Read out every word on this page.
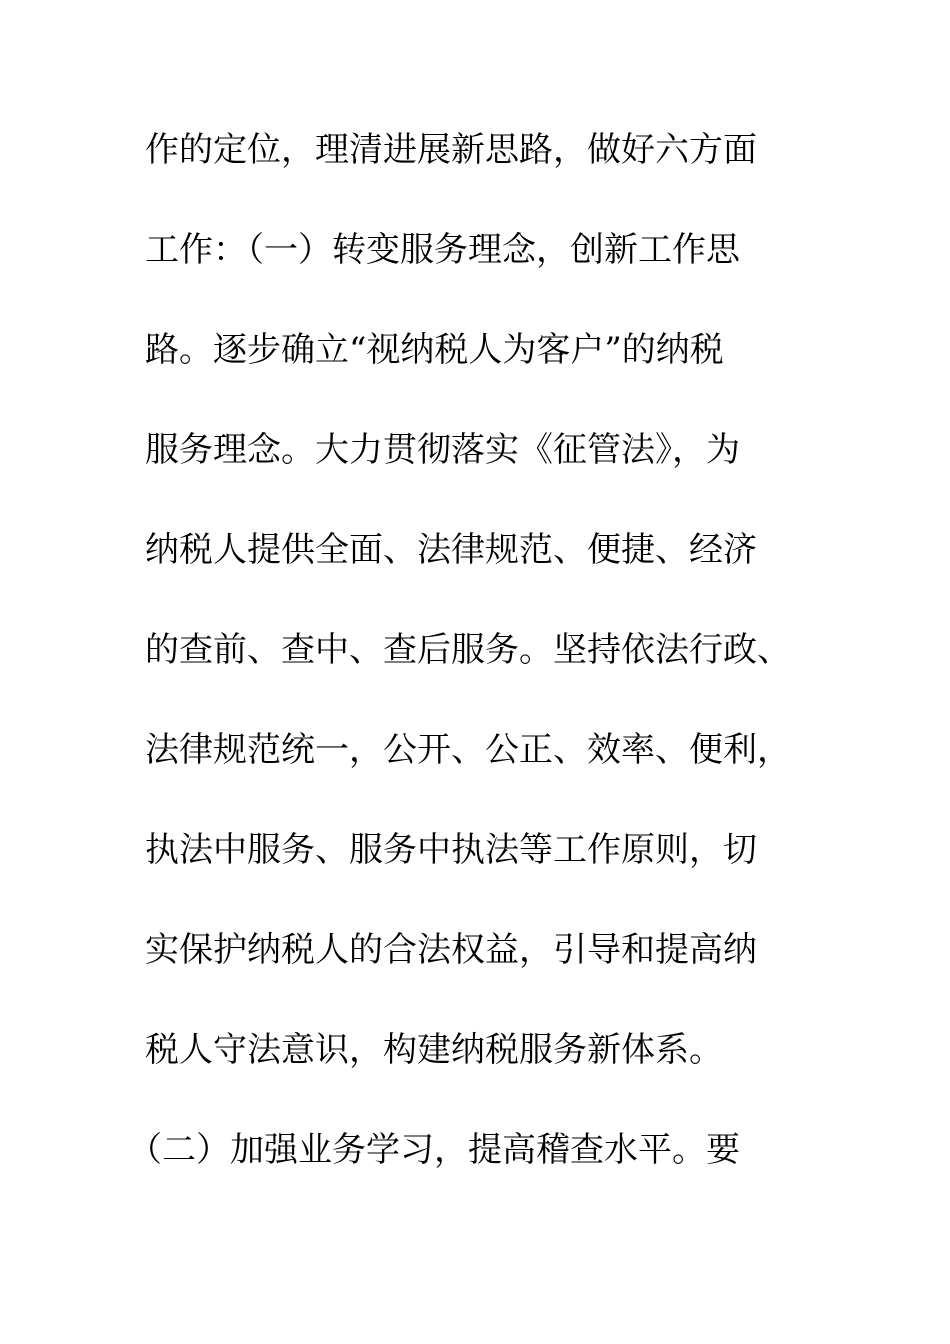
作的定位，理清进展新思路，做好六方面

工作：（一）转变服务理念，创新工作思

路。逐步确立“视纳税人为客户”的纳税

服务理念。大力贯彻落实《征管法》，为

纳税人提供全面、法律规范、便捷、经济

的查前、查中、查后服务。坚持依法行政、

法律规范统一，公开、公正、效率、便利，

执法中服务、服务中执法等工作原则，切

实保护纳税人的合法权益，引导和提高纳

税人守法意识，构建纳税服务新体系。

（二）加强业务学习，提高稽查水平。要
